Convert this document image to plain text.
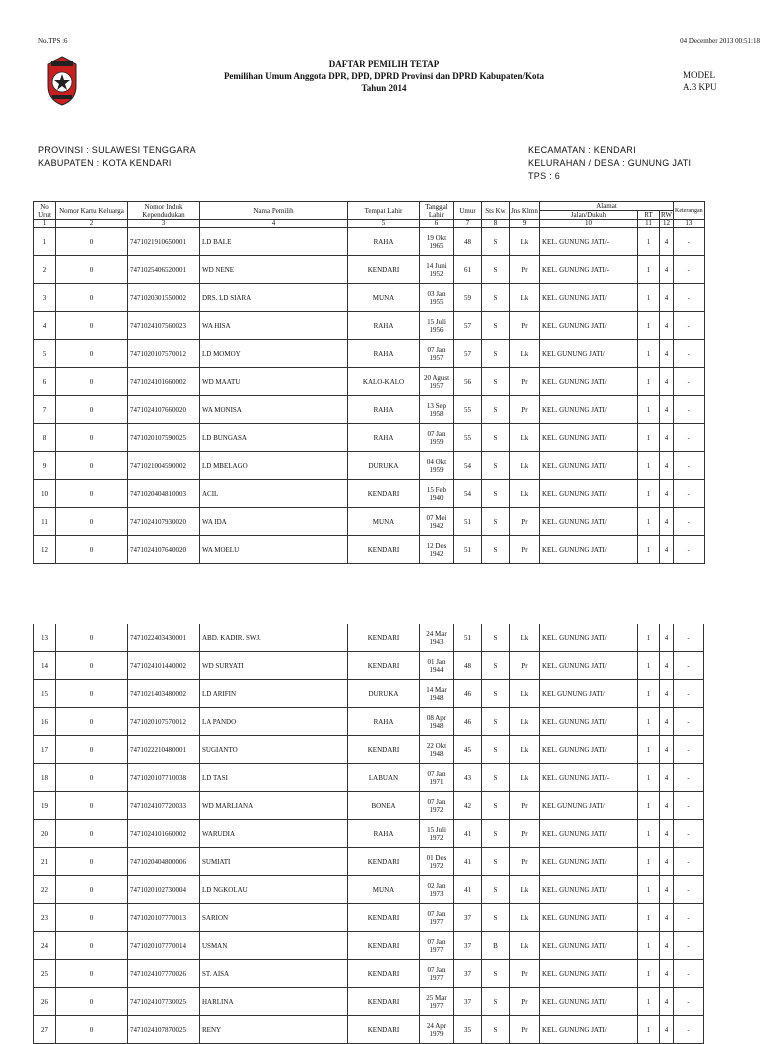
No.TPS :6	04 December 2013 00:51:18
DAFTAR PEMILIH TETAP
Pemilihan Umum Anggota DPR, DPD, DPRD Provinsi dan DPRD Kabupaten/Kota
Tahun 2014
MODEL
A.3 KPU
PROVINSI : SULAWESI TENGGARA
KABUPATEN : KOTA KENDARI
KECAMATAN : KENDARI
KELURAHAN / DESA : GUNUNG JATI
TPS : 6
No Urut	Nomor Kartu Keluarga	Nomor Induk Kependudukan	Nama Pemilih	Tempat Lahir	Tanggal Lahir	Umur	Sts Kw	Jns Klmn	Alamat			Keterangan
									Jalan/Dukuh	RT	RW	
1	2	3	4	5	6	7	8	9	10	11	12	13
1	0	7471021910650001	LD BALE	RAHA	19 Okt
1965	48	S	Lk	KEL. GUNUNG JATI/-	1	4	-
2	0	7471025406520001	WD NENE	KENDARI	14 Juni
1952	61	S	Pr	KEL. GUNUNG JATI/-	1	4	-
3	0	7471020301550002	DRS. LD SIARA	MUNA	03 Jan
1955	59	S	Lk	KEL. GUNUNG JATI/	1	4	-
4	0	7471024107560023	WA HISA	RAHA	15 Juli
1956	57	S	Pr	KEL. GUNUNG JATI/	1	4	-
5	0	7471020107570012	LD MOMOY	RAHA	07 Jan
1957	57	S	Lk	KEL GUNUNG JATI/	1	4	-
6	0	7471024101660002	WD MAATU	KALO-KALO	20 Agust
1957	56	S	Pr	KEL. GUNUNG JATI/	1	4	-
7	0	7471024107660020	WA MONISA	RAHA	13 Sep
1958	55	S	Pr	KEL. GUNUNG JATI/	1	4	-
8	0	7471020107590025	LD BUNGASA	RAHA	07 Jan
1959	55	S	Lk	KEL. GUNUNG JATI/	1	4	-
9	0	7471021004590002	LD MBELAGO	DURUKA	04 Okt
1959	54	S	Lk	KEL. GUNUNG JATI/	1	4	-
10	0	7471020404810003	ACIL	KENDARI	15 Feb
1940	54	S	Lk	KEL. GUNUNG JATI/	1	4	-
11	0	7471024107930020	WA IDA	MUNA	07 Mei
1942	51	S	Pr	KEL. GUNUNG JATI/	1	4	-
12	0	7471024107640020	WA MOELU	KENDARI	12 Des
1942	51	S	Pr	KEL. GUNUNG JATI/	1	4	-
13	0	7471022403430001	ABD. KADIR. SWJ.	KENDARI	24 Mar
1943	51	S	Lk	KEL. GUNUNG JATI/	1	4	-
14	0	7471024101440002	WD SURYATI	KENDARI	01 Jan
1944	48	S	Pr	KEL. GUNUNG JATI/	1	4	-
15	0	7471021403480002	LD ARIFIN	DURUKA	14 Mar
1948	46	S	Lk	KEL GUNUNG JATI/	1	4	-
16	0	7471020107570012	LA PANDO	RAHA	08 Apr
1948	46	S	Lk	KEL. GUNUNG JATI/	1	4	-
17	0	7471022210480001	SUGIANTO	KENDARI	22 Okt
1948	45	S	Lk	KEL. GUNUNG JATI/	1	4	-
18	0	7471020107710038	LD TASI	LABUAN	07 Jan
1971	43	S	Lk	KEL. GUNUNG JATI/-	1	4	-
19	0	7471024107720033	WD MARLIANA	BONEA	07 Jan
1972	42	S	Pr	KEL GUNUNG JATI/	1	4	-
20	0	7471024101660002	WARUDIA	RAHA	15 Juli
1972	41	S	Pr	KEL. GUNUNG JATI/	1	4	-
21	0	7471020404800006	SUMIATI	KENDARI	01 Des
1972	41	S	Pr	KEL. GUNUNG JATI/	1	4	-
22	0	7471020102730004	LD NGKOLAU	MUNA	02 Jan
1973	41	S	Lk	KEL. GUNUNG JATI/	1	4	-
23	0	7471020107770013	SARION	KENDARI	07 Jan
1977	37	S	Lk	KEL. GUNUNG JATI/	1	4	-
24	0	7471020107770014	USMAN	KENDARI	07 Jan
1977	37	B	Lk	KEL. GUNUNG JATI/	1	4	-
25	0	7471024107770026	ST. AISA	KENDARI	07 Jan
1977	37	S	Pr	KEL. GUNUNG JATI/	1	4	-
26	0	7471024107730025	HARLINA	KENDARI	25 Mar
1977	37	S	Pr	KEL. GUNUNG JATI/	1	4	-
27	0	7471024107870025	RENY	KENDARI	24 Apr
1979	35	S	Pr	KEL. GUNUNG JATI/	1	4	-
